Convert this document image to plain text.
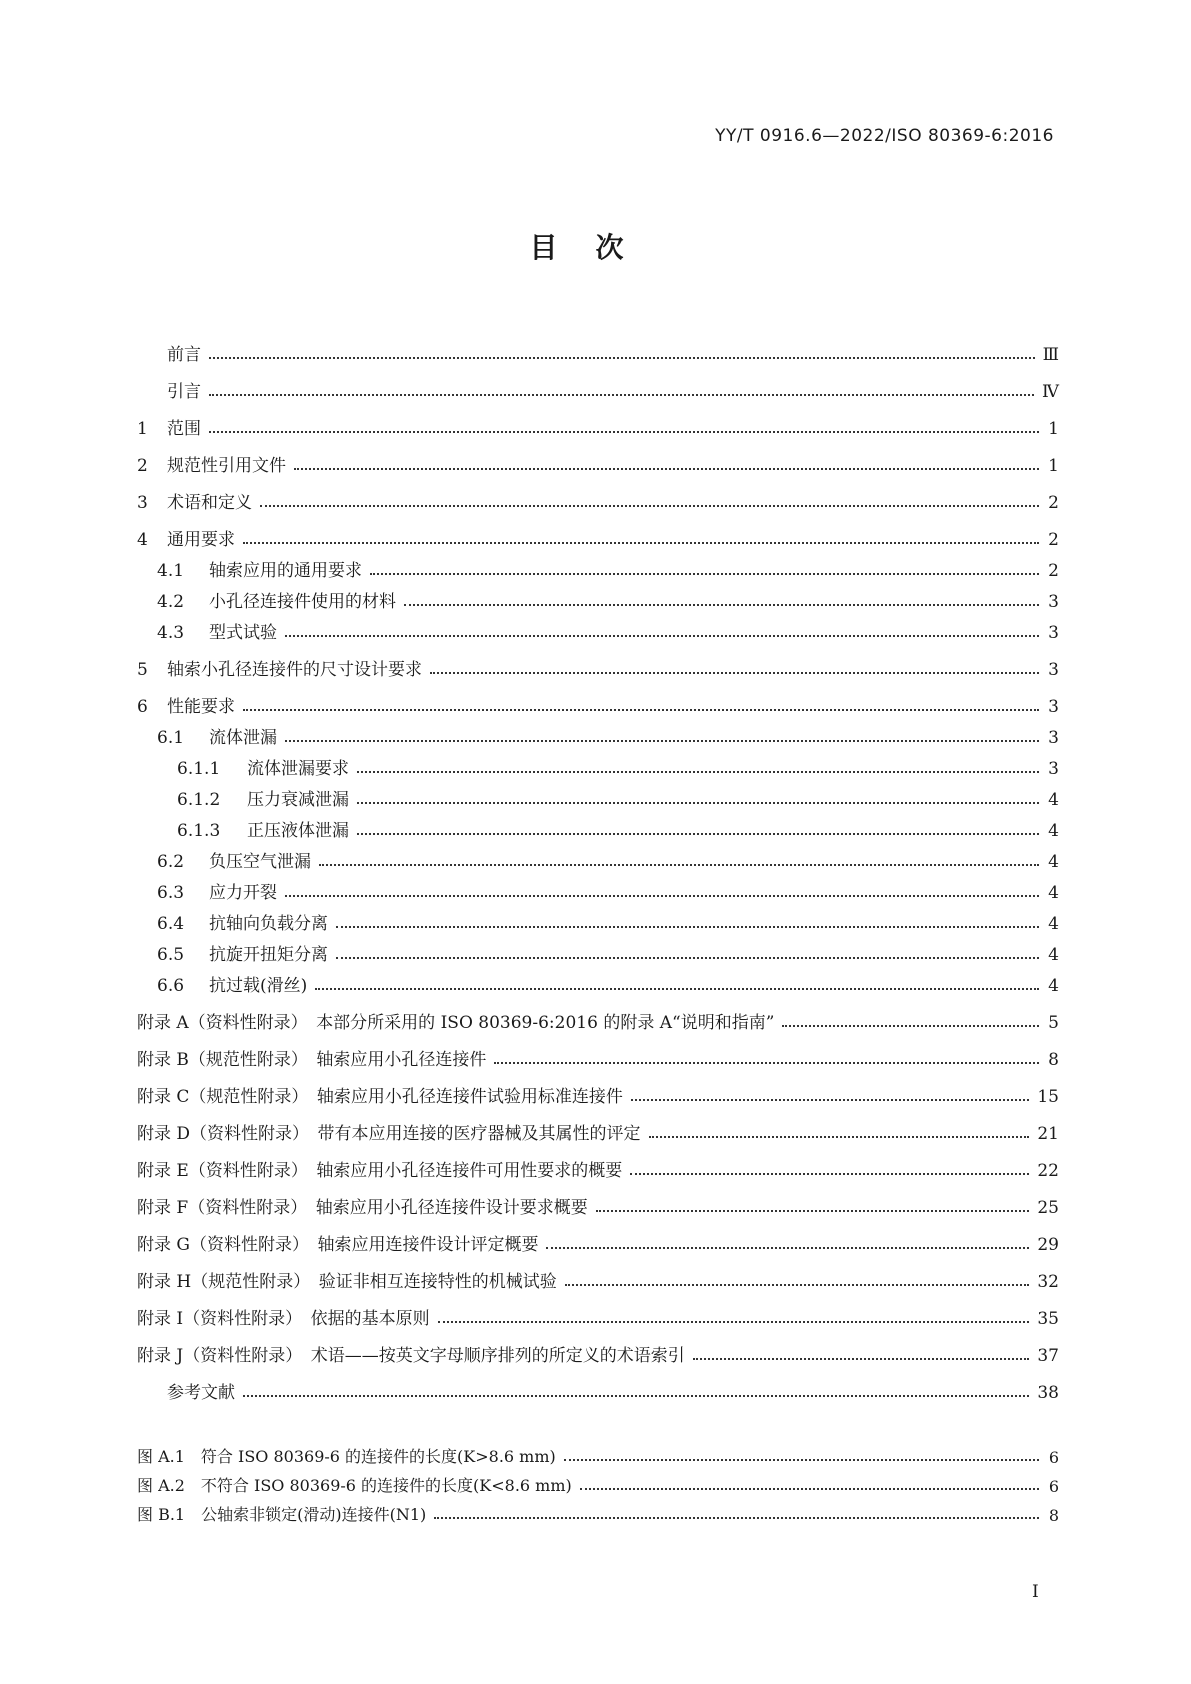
YY/T 0916.6—2022/ISO 80369-6:2016
目次
前言	Ⅲ
引言	Ⅳ
1	范围	1
2	规范性引用文件	1
3	术语和定义	2
4	通用要求	2
4.1	轴索应用的通用要求	2
4.2	小孔径连接件使用的材料	3
4.3	型式试验	3
5	轴索小孔径连接件的尺寸设计要求	3
6	性能要求	3
6.1	流体泄漏	3
6.1.1	流体泄漏要求	3
6.1.2	压力衰减泄漏	4
6.1.3	正压液体泄漏	4
6.2	负压空气泄漏	4
6.3	应力开裂	4
6.4	抗轴向负载分离	4
6.5	抗旋开扭矩分离	4
6.6	抗过载(滑丝)	4
附录 A（资料性附录）　本部分所采用的 ISO 80369-6:2016 的附录 A“说明和指南”	5
附录 B（规范性附录）　轴索应用小孔径连接件	8
附录 C（规范性附录）　轴索应用小孔径连接件试验用标准连接件	15
附录 D（资料性附录）　带有本应用连接的医疗器械及其属性的评定	21
附录 E（资料性附录）　轴索应用小孔径连接件可用性要求的概要	22
附录 F（资料性附录）　轴索应用小孔径连接件设计要求概要	25
附录 G（资料性附录）　轴索应用连接件设计评定概要	29
附录 H（规范性附录）　验证非相互连接特性的机械试验	32
附录 I（资料性附录）　依据的基本原则	35
附录 J（资料性附录）　术语——按英文字母顺序排列的所定义的术语索引	37
参考文献	38
图 A.1　符合 ISO 80369-6 的连接件的长度(K>8.6 mm)	6
图 A.2　不符合 ISO 80369-6 的连接件的长度(K<8.6 mm)	6
图 B.1　公轴索非锁定(滑动)连接件(N1)	8
I
